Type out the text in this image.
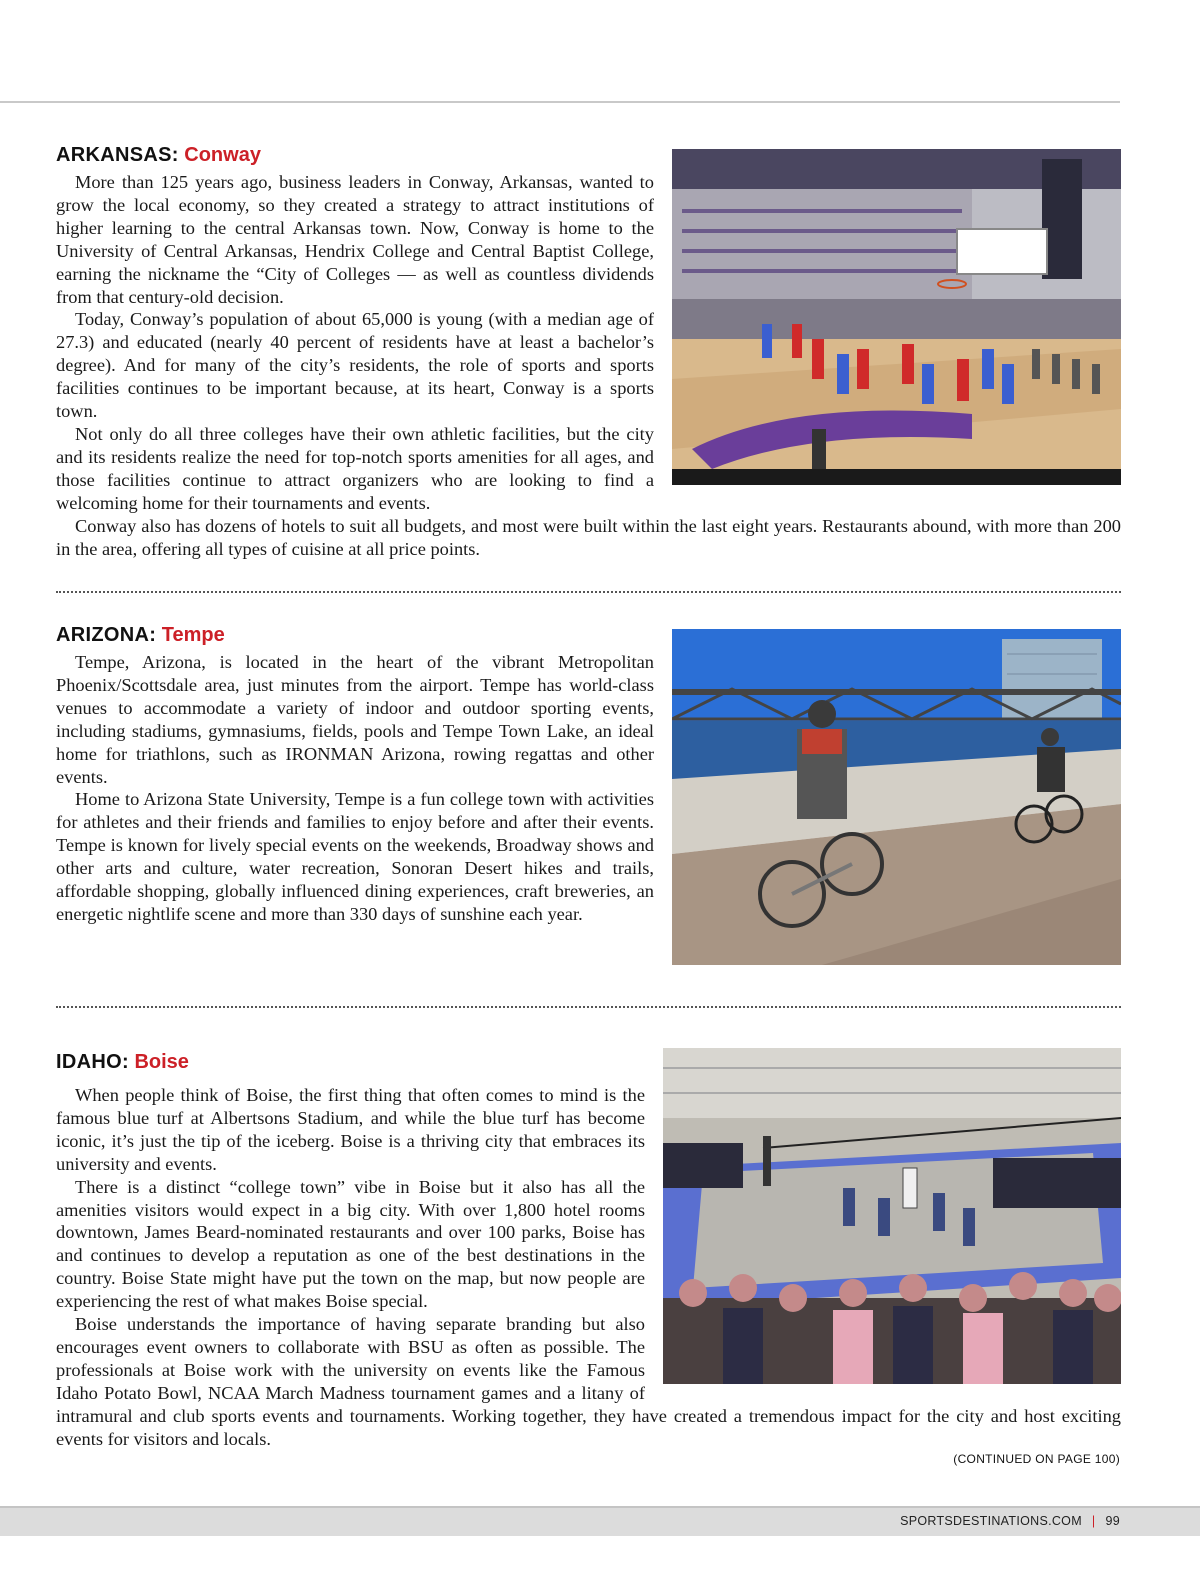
ARKANSAS: Conway

More than 125 years ago, business leaders in Conway, Arkansas, wanted to grow the local economy, so they created a strategy to attract institutions of higher learning to the central Arkansas town. Now, Conway is home to the University of Central Arkansas, Hendrix College and Central Baptist College, earning the nickname the “City of Colleges — as well as countless dividends from that century-old decision.

Today, Conway’s population of about 65,000 is young (with a median age of 27.3) and educated (nearly 40 percent of residents have at least a bachelor’s degree). And for many of the city’s residents, the role of sports and sports facilities continues to be important because, at its heart, Conway is a sports town.

Not only do all three colleges have their own athletic facilities, but the city and its residents realize the need for top-notch sports amenities for all ages, and those facilities continue to attract organizers who are looking to find a welcoming home for their tournaments and events.

Conway also has dozens of hotels to suit all budgets, and most were built within the last eight years. Restaurants abound, with more than 200 in the area, offering all types of cuisine at all price points.

ARIZONA: Tempe

Tempe, Arizona, is located in the heart of the vibrant Metropolitan Phoenix/Scottsdale area, just minutes from the airport. Tempe has world-class venues to accommodate a variety of indoor and outdoor sporting events, including stadiums, gymnasiums, fields, pools and Tempe Town Lake, an ideal home for triathlons, such as IRONMAN Arizona, rowing regattas and other events.

Home to Arizona State University, Tempe is a fun college town with activities for athletes and their friends and families to enjoy before and after their events. Tempe is known for lively special events on the weekends, Broadway shows and other arts and culture, water recreation, Sonoran Desert hikes and trails, affordable shopping, globally influenced dining experiences, craft breweries, an energetic nightlife scene and more than 330 days of sunshine each year.

IDAHO: Boise

When people think of Boise, the first thing that often comes to mind is the famous blue turf at Albertsons Stadium, and while the blue turf has become iconic, it’s just the tip of the iceberg. Boise is a thriving city that embraces its university and events.

There is a distinct “college town” vibe in Boise but it also has all the amenities visitors would expect in a big city. With over 1,800 hotel rooms downtown, James Beard-nominated restaurants and over 100 parks, Boise has and continues to develop a reputation as one of the best destinations in the country. Boise State might have put the town on the map, but now people are experiencing the rest of what makes Boise special.

Boise understands the importance of having separate branding but also encourages event owners to collaborate with BSU as often as possible. The professionals at Boise work with the university on events like the Famous Idaho Potato Bowl, NCAA March Madness tournament games and a litany of intramural and club sports events and tournaments. Working together, they have created a tremendous impact for the city and host exciting events for visitors and locals.

(CONTINUED ON PAGE 100)
SPORTSDESTINATIONS.COM | 99
